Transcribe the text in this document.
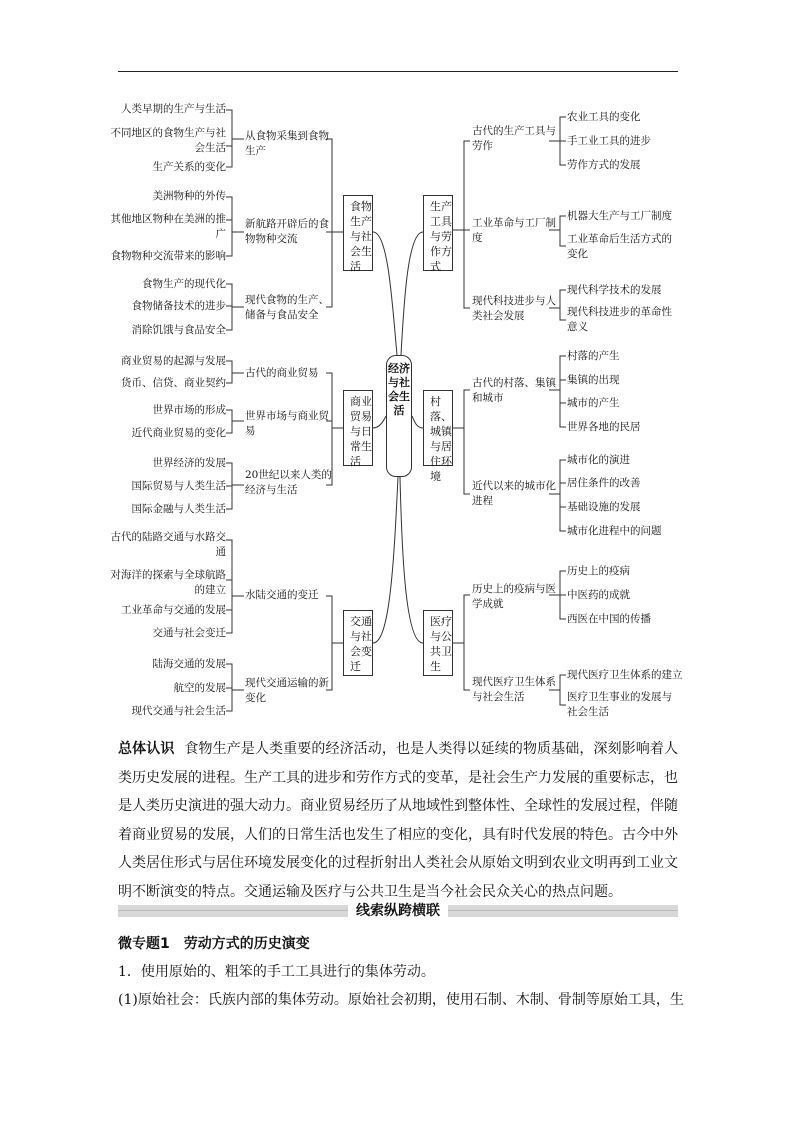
食物生产与社会生活
从食物采集到食物生产
人类早期的生产与生活
不同地区的食物生产与社会生活
生产关系的变化
新航路开辟后的食物物种交流
美洲物种的外传
其他地区物种在美洲的推广
食物物种交流带来的影响
现代食物的生产、储备与食品安全
食物生产的现代化
食物储备技术的进步
消除饥饿与食品安全
商业贸易与日常生活
古代的商业贸易
商业贸易的起源与发展
货币、信贷、商业契约
世界市场与商业贸易
世界市场的形成
近代商业贸易的变化
20世纪以来人类的经济与生活
世界经济的发展
国际贸易与人类生活
国际金融与人类生活
交通与社会变迁
水陆交通的变迁
古代的陆路交通与水路交通
对海洋的探索与全球航路的建立
工业革命与交通的发展
交通与社会变迁
现代交通运输的新变化
陆海交通的发展
航空的发展
现代交通与社会生活
生产工具与劳作方式
古代的生产工具与劳作
农业工具的变化
手工业工具的进步
劳作方式的发展
工业革命与工厂制度
机器大生产与工厂制度
工业革命后生活方式的变化
现代科技进步与人类社会发展
现代科学技术的发展
现代科技进步的革命性意义
村落、城镇与居住环境
古代的村落、集镇和城市
村落的产生
集镇的出现
城市的产生
世界各地的民居
近代以来的城市化进程
城市化的演进
居住条件的改善
基础设施的发展
城市化进程中的问题
医疗与公共卫生
历史上的疫病与医学成就
历史上的疫病
中医药的成就
西医在中国的传播
现代医疗卫生体系与社会生活
现代医疗卫生体系的建立
医疗卫生事业的发展与社会生活
经济与社会生活
总体认识 食物生产是人类重要的经济活动，也是人类得以延续的物质基础，深刻影响着人类历史发展的进程。生产工具的进步和劳作方式的变革，是社会生产力发展的重要标志，也是人类历史演进的强大动力。商业贸易经历了从地域性到整体性、全球性的发展过程，伴随着商业贸易的发展，人们的日常生活也发生了相应的变化，具有时代发展的特色。古今中外人类居住形式与居住环境发展变化的过程折射出人类社会从原始文明到农业文明再到工业文明不断演变的特点。交通运输及医疗与公共卫生是当今社会民众关心的热点问题。
线索纵跨横联
微专题1 劳动方式的历史演变
1．使用原始的、粗笨的手工工具进行的集体劳动。
(1)原始社会：氏族内部的集体劳动。原始社会初期，使用石制、木制、骨制等原始工具，生
